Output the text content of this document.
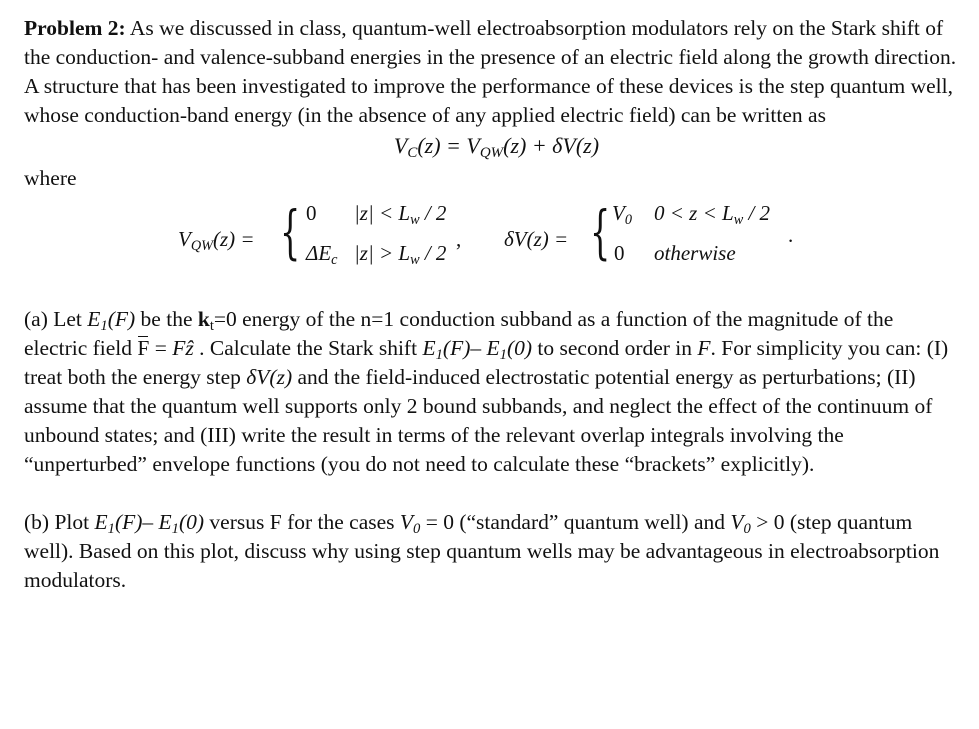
Problem 2: As we discussed in class, quantum-well electroabsorption modulators rely on the Stark shift of the conduction- and valence-subband energies in the presence of an electric field along the growth direction. A structure that has been investigated to improve the performance of these devices is the step quantum well, whose conduction-band energy (in the absence of any applied electric field) can be written as

$V_C(z) = V_{QW}(z) + \delta V(z)$

where

$V_{QW}(z)$ = { 0 $|z| < L_w / 2$
$\Delta E_c$ $|z| > L_w / 2$
, δV(z) = { $V_0$ $0 < z < L_w / 2$
0 otherwise
.

(a) Let $E_1(F)$ be the $k_t=0$ energy of the n=1 conduction subband as a function of the magnitude of the electric field F = Fẑ . Calculate the Stark shift $E_1(F)-$ $E_1(0)$ to second order in F. For simplicity you can: (I) treat both the energy step δV(z) and the field-induced electrostatic potential energy as perturbations; (II) assume that the quantum well supports only 2 bound subbands, and neglect the effect of the continuum of unbound states; and (III) write the result in terms of the relevant overlap integrals involving the “unperturbed” envelope functions (you do not need to calculate these “brackets” explicitly).

(b) Plot $E_1(F)-$ $E_1(0)$ versus F for the cases $V_0 = 0$ (“standard” quantum well) and $V_0 > 0$ (step quantum well). Based on this plot, discuss why using step quantum wells may be advantageous in electroabsorption modulators.
